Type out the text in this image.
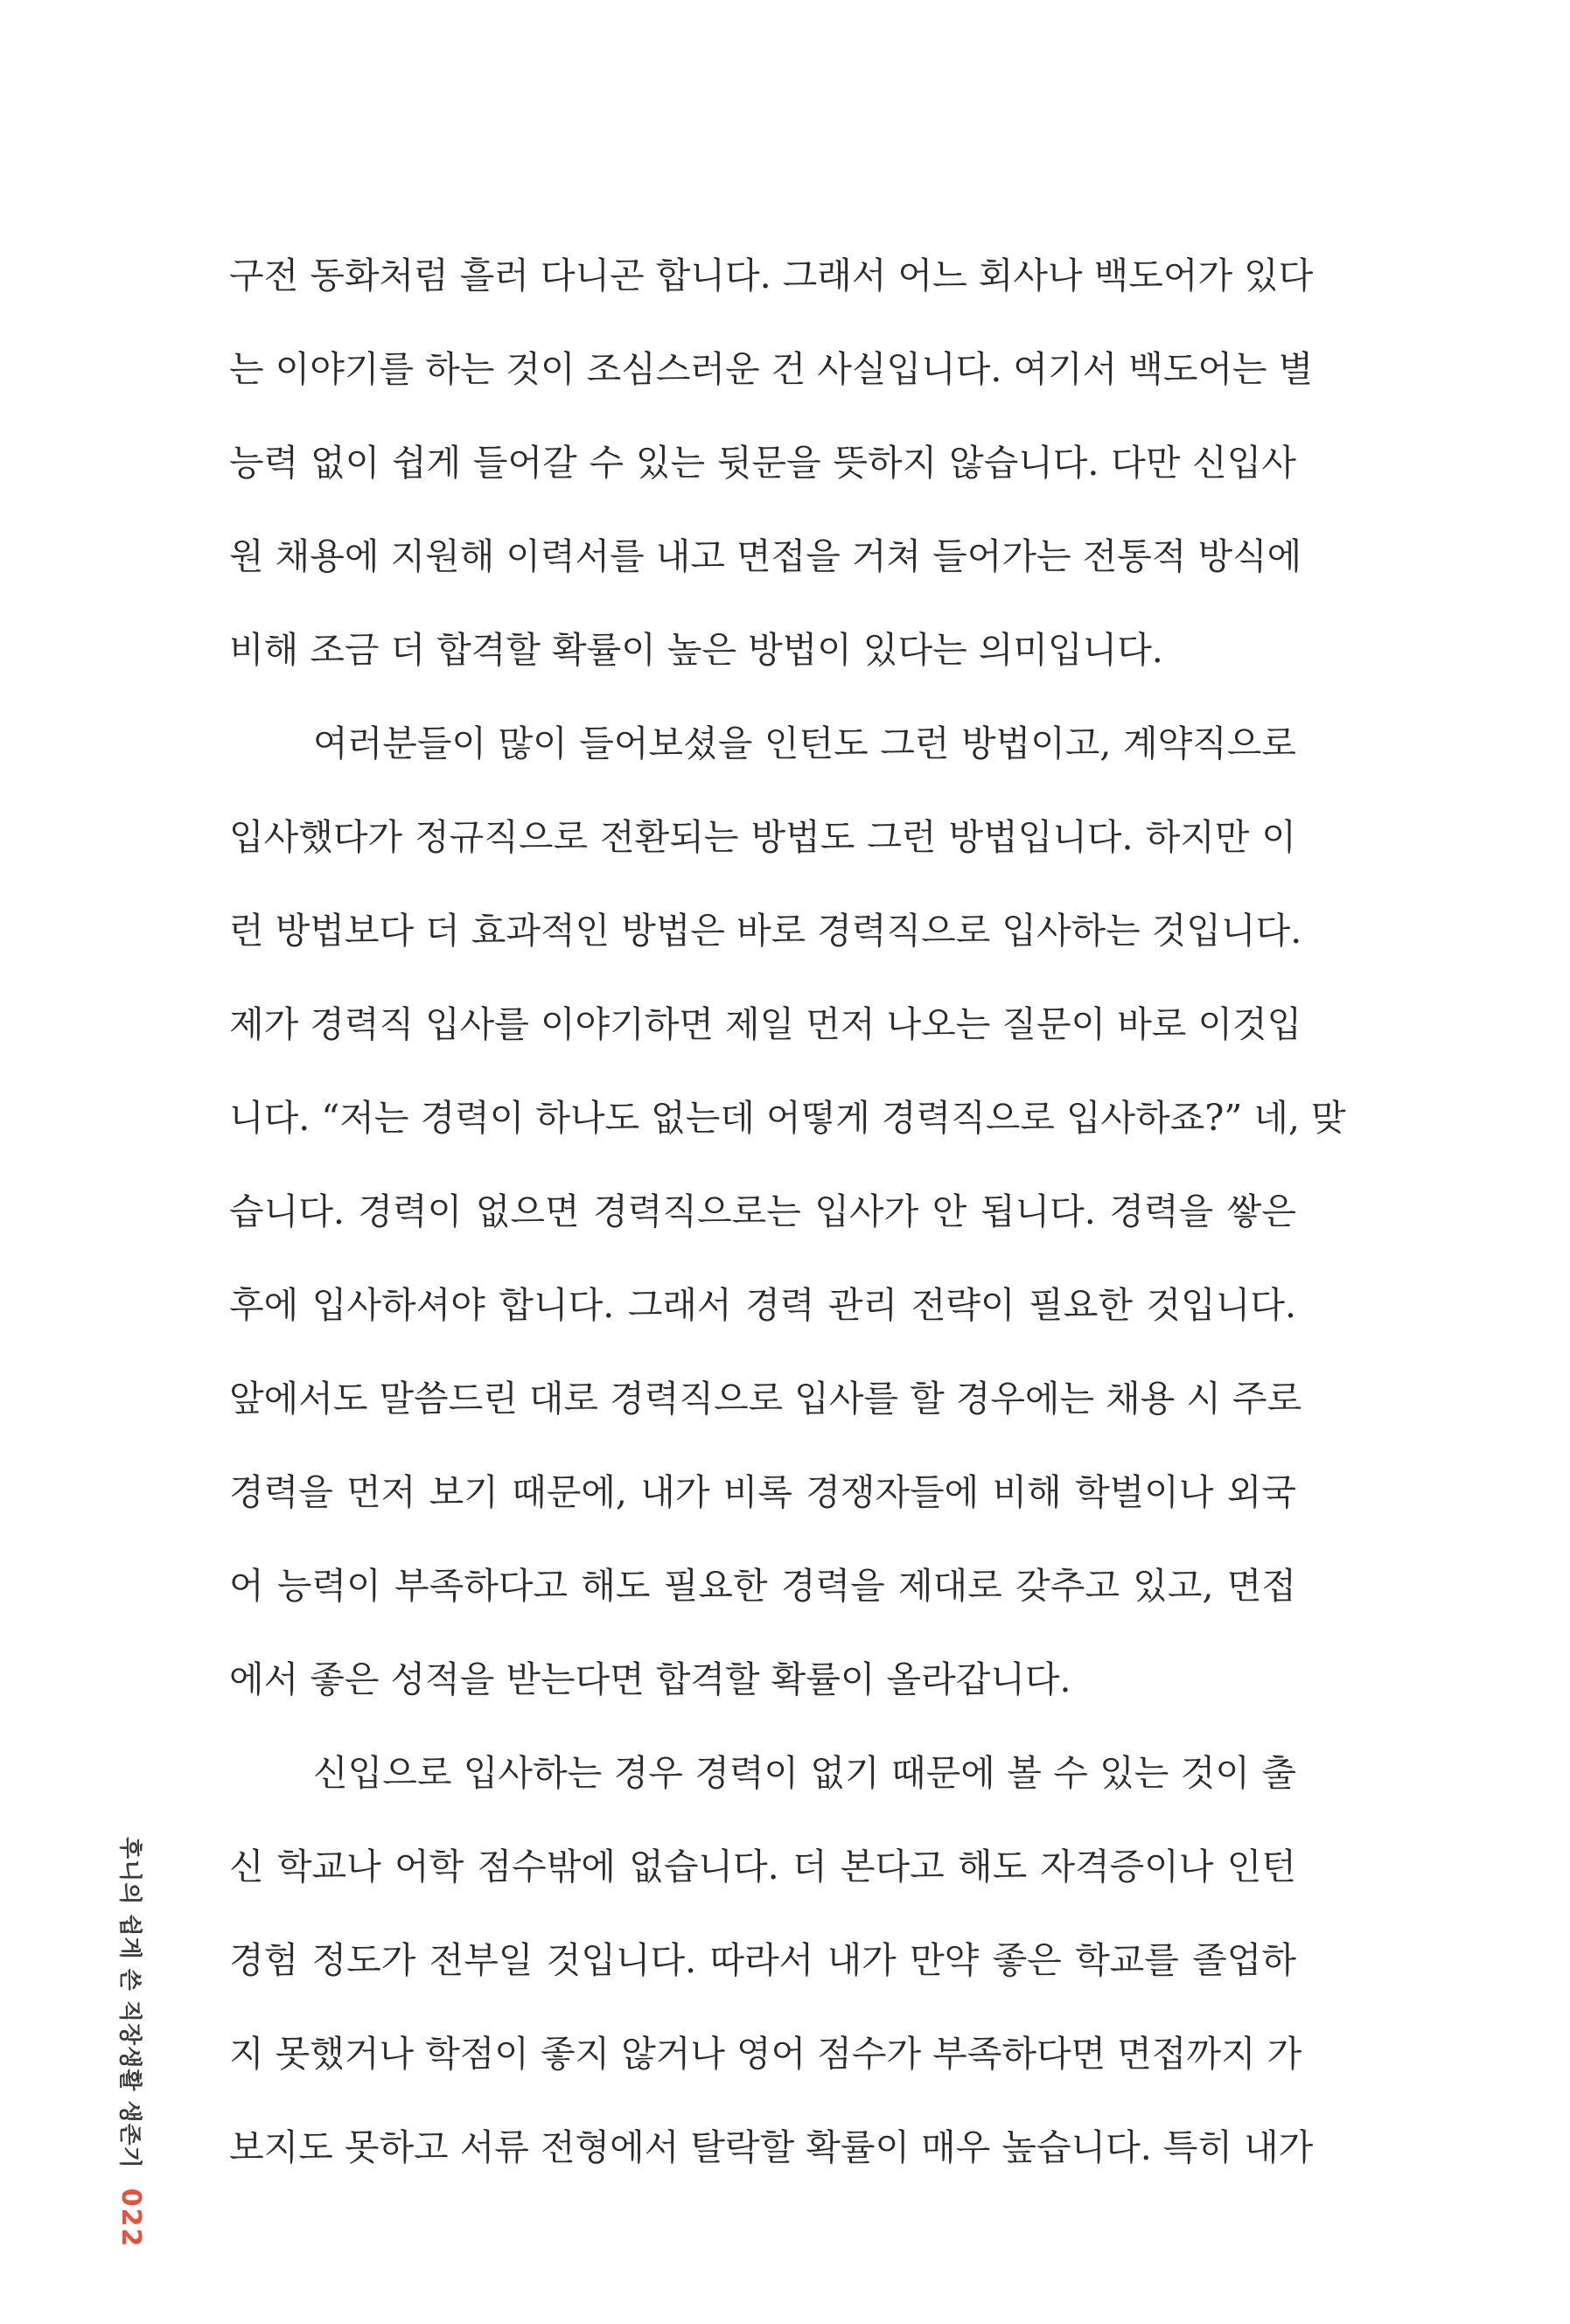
구전 동화처럼 흘러 다니곤 합니다. 그래서 어느 회사나 백도어가 있다
는 이야기를 하는 것이 조심스러운 건 사실입니다. 여기서 백도어는 별
능력 없이 쉽게 들어갈 수 있는 뒷문을 뜻하지 않습니다. 다만 신입사
원 채용에 지원해 이력서를 내고 면접을 거쳐 들어가는 전통적 방식에
비해 조금 더 합격할 확률이 높은 방법이 있다는 의미입니다.
여러분들이 많이 들어보셨을 인턴도 그런 방법이고, 계약직으로
입사했다가 정규직으로 전환되는 방법도 그런 방법입니다. 하지만 이
런 방법보다 더 효과적인 방법은 바로 경력직으로 입사하는 것입니다.
제가 경력직 입사를 이야기하면 제일 먼저 나오는 질문이 바로 이것입
니다. “저는 경력이 하나도 없는데 어떻게 경력직으로 입사하죠?” 네, 맞
습니다. 경력이 없으면 경력직으로는 입사가 안 됩니다. 경력을 쌓은
후에 입사하셔야 합니다. 그래서 경력 관리 전략이 필요한 것입니다.
앞에서도 말씀드린 대로 경력직으로 입사를 할 경우에는 채용 시 주로
경력을 먼저 보기 때문에, 내가 비록 경쟁자들에 비해 학벌이나 외국
어 능력이 부족하다고 해도 필요한 경력을 제대로 갖추고 있고, 면접
에서 좋은 성적을 받는다면 합격할 확률이 올라갑니다.
신입으로 입사하는 경우 경력이 없기 때문에 볼 수 있는 것이 출
신 학교나 어학 점수밖에 없습니다. 더 본다고 해도 자격증이나 인턴
경험 정도가 전부일 것입니다. 따라서 내가 만약 좋은 학교를 졸업하
지 못했거나 학점이 좋지 않거나 영어 점수가 부족하다면 면접까지 가
보지도 못하고 서류 전형에서 탈락할 확률이 매우 높습니다. 특히 내가
후니의 쉽게 쓴 직장생활 생존기
022
